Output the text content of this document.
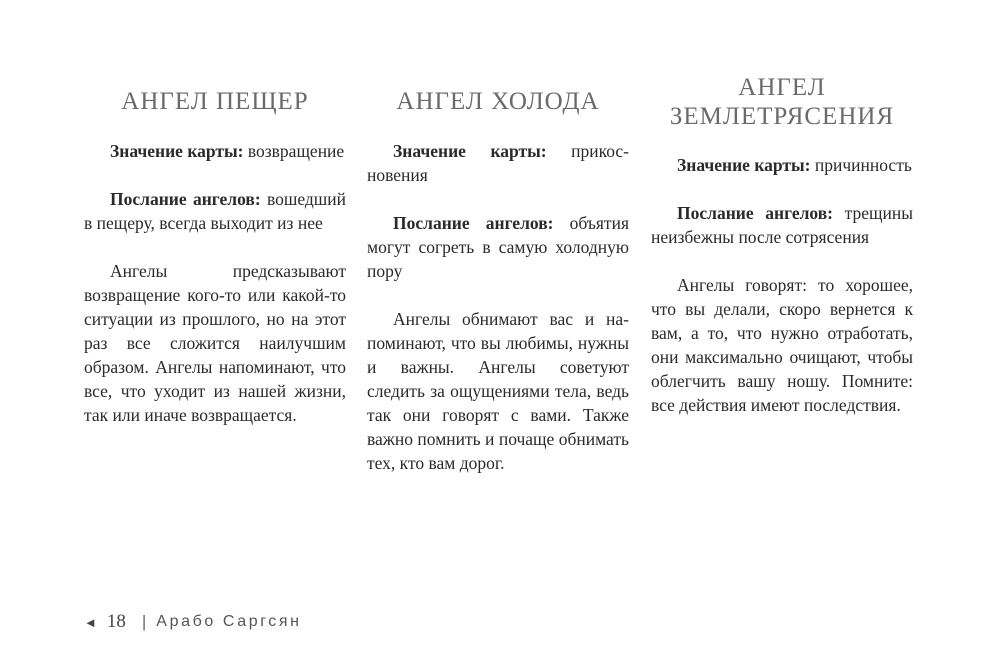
АНГЕЛ ПЕЩЕР

Значение карты: возвращение

Послание ангелов: вошедший в пещеру, всегда выходит из нее

Ангелы предсказывают возвращение кого-то или какой-то ситуации из прошлого, но на этот раз все сложится наилучшим образом. Ангелы напоминают, что все, что уходит из нашей жизни, так или иначе возвращается.

АНГЕЛ ХОЛОДА

Значение карты: прикосновения

Послание ангелов: объятия могут согреть в самую холодную пору

Ангелы обнимают вас и напоминают, что вы любимы, нужны и важны. Ангелы советуют следить за ощущениями тела, ведь так они говорят с вами. Также важно помнить и почаще обнимать тех, кто вам дорог.

АНГЕЛ
ЗЕМЛЕТРЯСЕНИЯ

Значение карты: причинность

Послание ангелов: трещины неизбежны после сотрясения

Ангелы говорят: то хорошее, что вы делали, скоро вернется к вам, а то, что нужно отработать, они максимально очищают, чтобы облегчить вашу ношу. Помните: все действия имеют последствия.

◄ 18 | Арабо Саргсян
